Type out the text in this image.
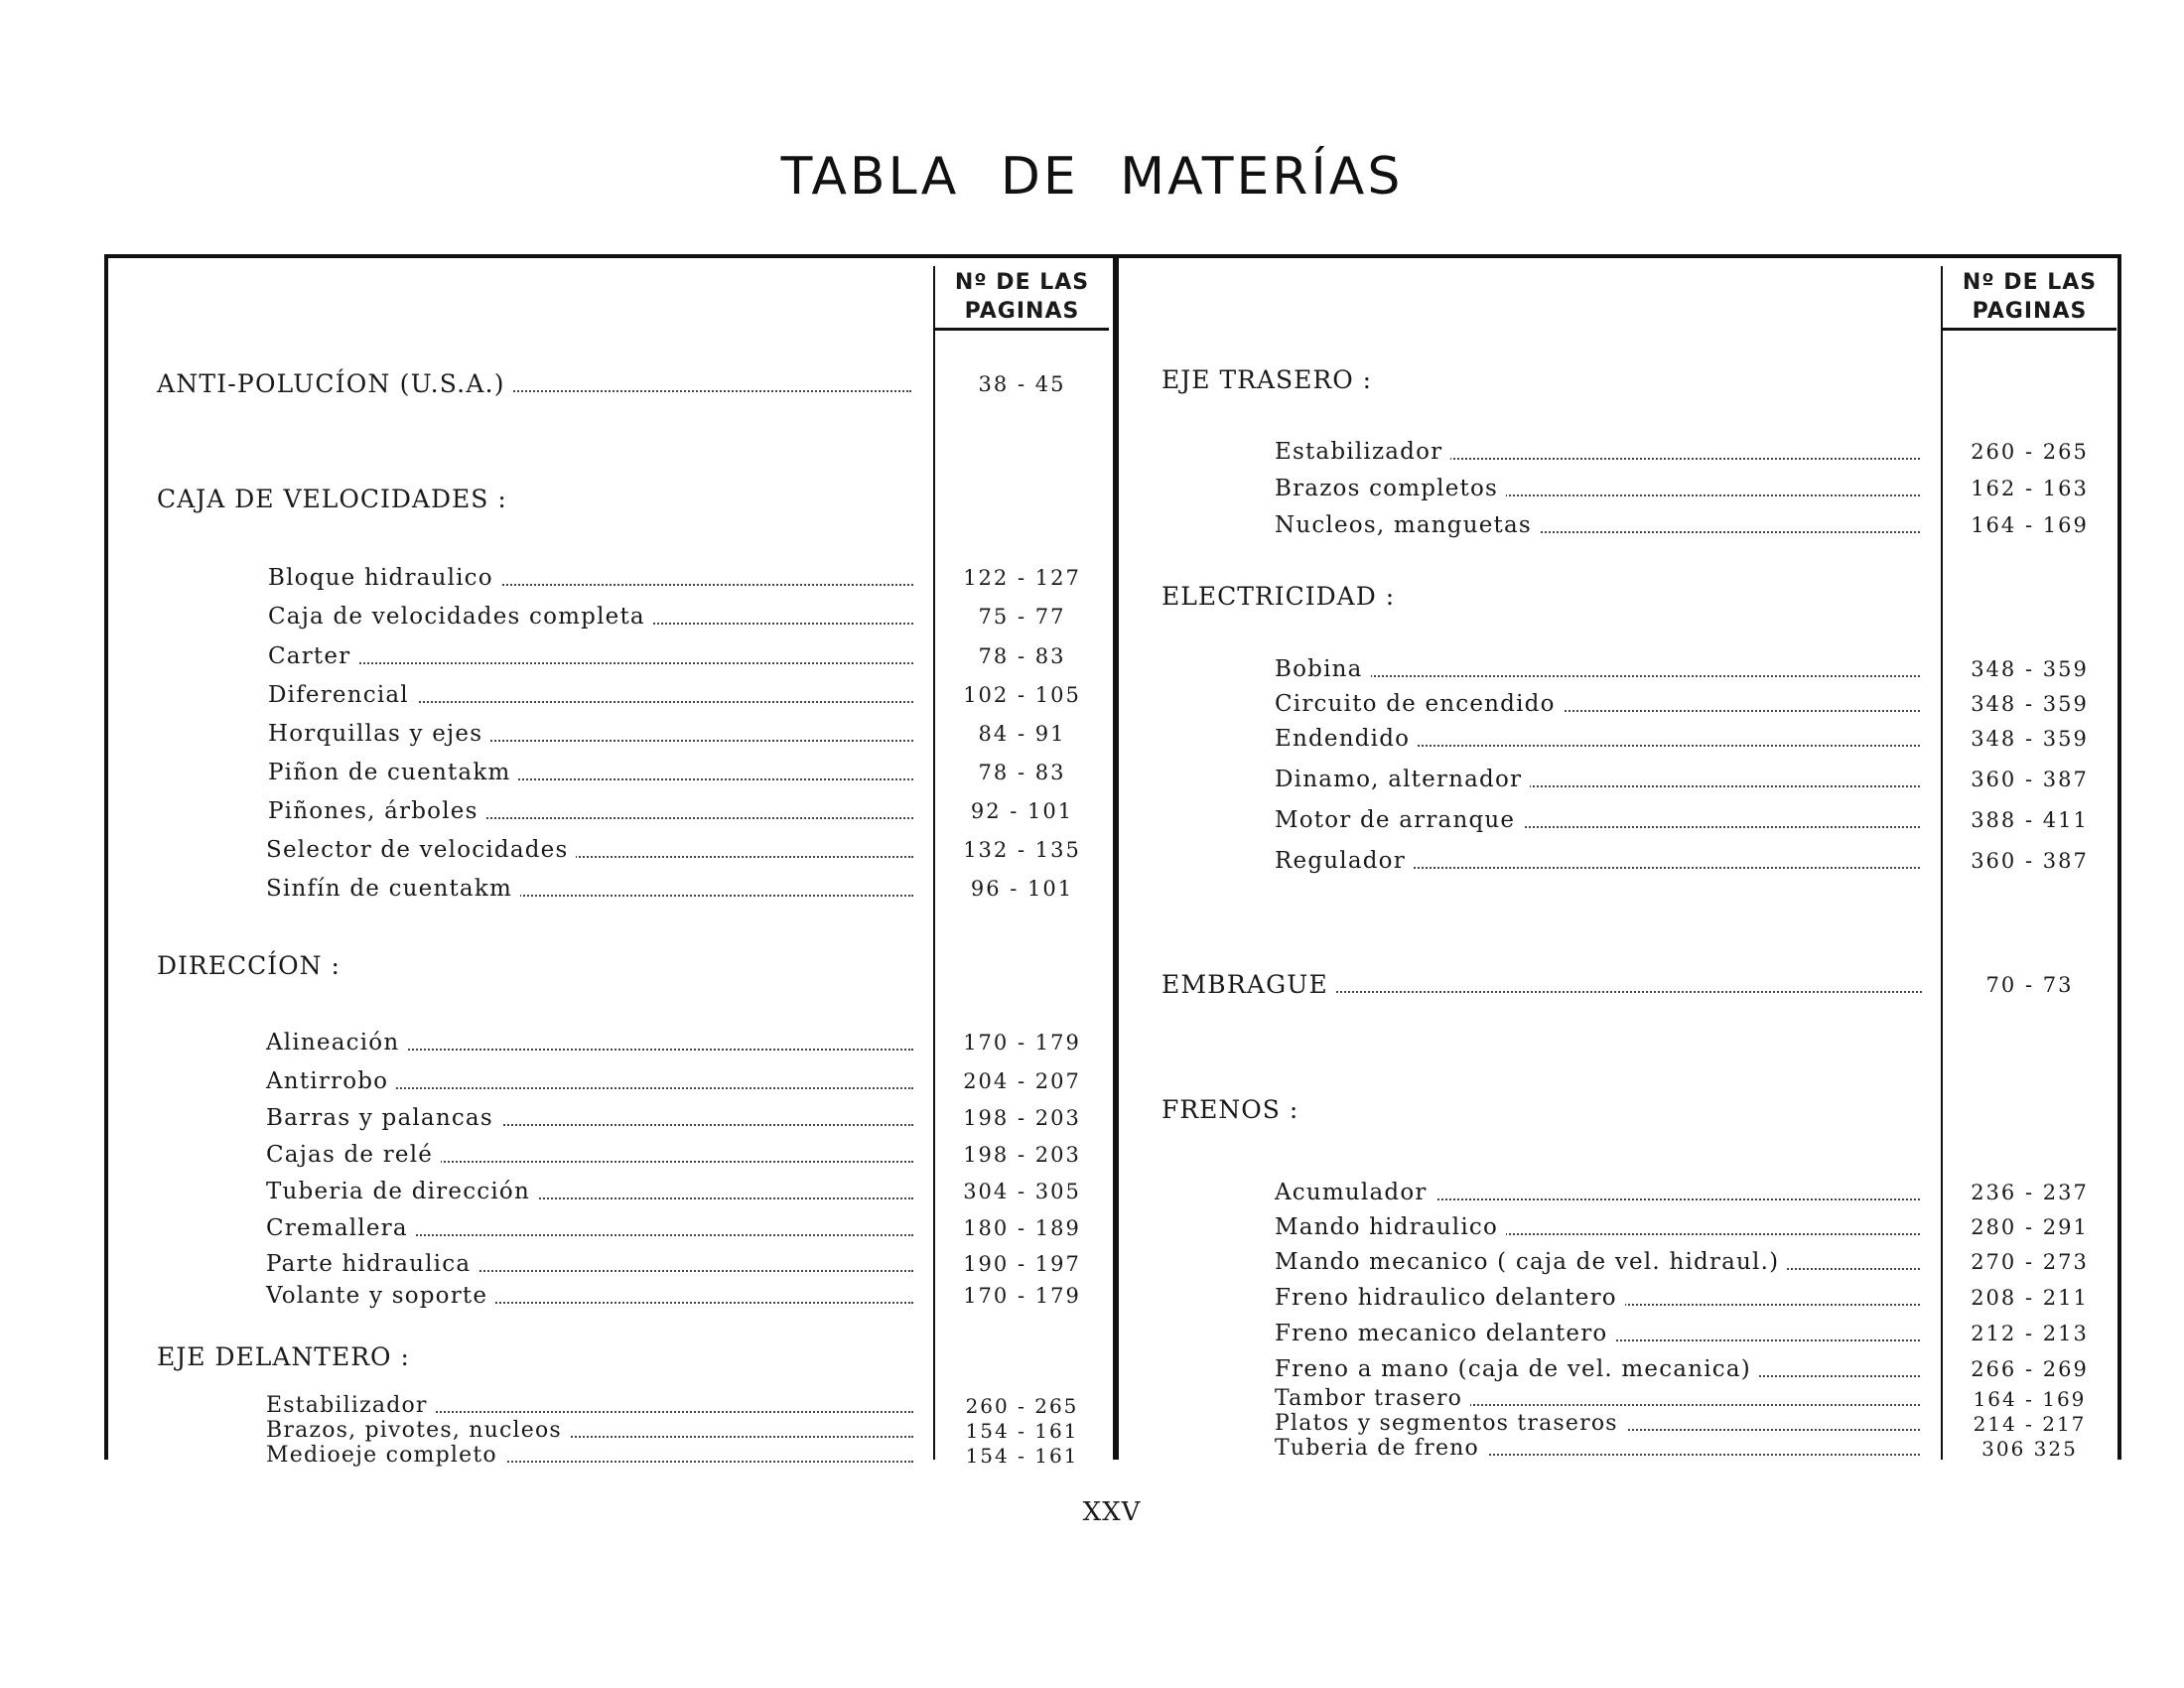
TABLA DE MATERÍAS
Nº DE LAS
PAGINAS
Nº DE LAS
PAGINAS
ANTI-POLUCÍON (U.S.A.)	38 - 45
CAJA DE VELOCIDADES :
Bloque hidraulico	122 - 127
Caja de velocidades completa	75 - 77
Carter	78 - 83
Diferencial	102 - 105
Horquillas y ejes	84 - 91
Piñon de cuentakm	78 - 83
Piñones, árboles	92 - 101
Selector de velocidades	132 - 135
Sinfín de cuentakm	96 - 101
DIRECCÍON :
Alineación	170 - 179
Antirrobo	204 - 207
Barras y palancas	198 - 203
Cajas de relé	198 - 203
Tuberia de dirección	304 - 305
Cremallera	180 - 189
Parte hidraulica	190 - 197
Volante y soporte	170 - 179
EJE DELANTERO :
Estabilizador	260 - 265
Brazos, pivotes, nucleos	154 - 161
Medioeje completo	154 - 161
EJE TRASERO :
Estabilizador	260 - 265
Brazos completos	162 - 163
Nucleos, manguetas	164 - 169
ELECTRICIDAD :
Bobina	348 - 359
Circuito de encendido	348 - 359
Endendido	348 - 359
Dinamo, alternador	360 - 387
Motor de arranque	388 - 411
Regulador	360 - 387
EMBRAGUE	70 - 73
FRENOS :
Acumulador	236 - 237
Mando hidraulico	280 - 291
Mando mecanico ( caja de vel. hidraul.)	270 - 273
Freno hidraulico delantero	208 - 211
Freno mecanico delantero	212 - 213
Freno a mano (caja de vel. mecanica)	266 - 269
Tambor trasero	164 - 169
Platos y segmentos traseros	214 - 217
Tuberia de freno	306 325
XXV
